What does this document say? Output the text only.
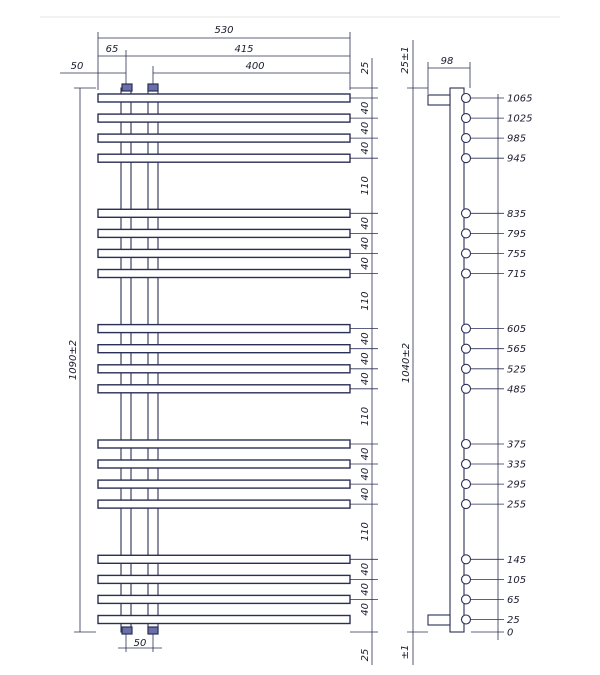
530
65	415
400
50	25
40
40
40
110
40
40
40
110
40
40
40
110
40
40
40
110
40
40
40
25
1090±2
50
1065
1025
985
945
835
795
755
715
605
565
525
485
375
335
295
255
145
105
65
25
0
98
25±1
1040±2
±1
